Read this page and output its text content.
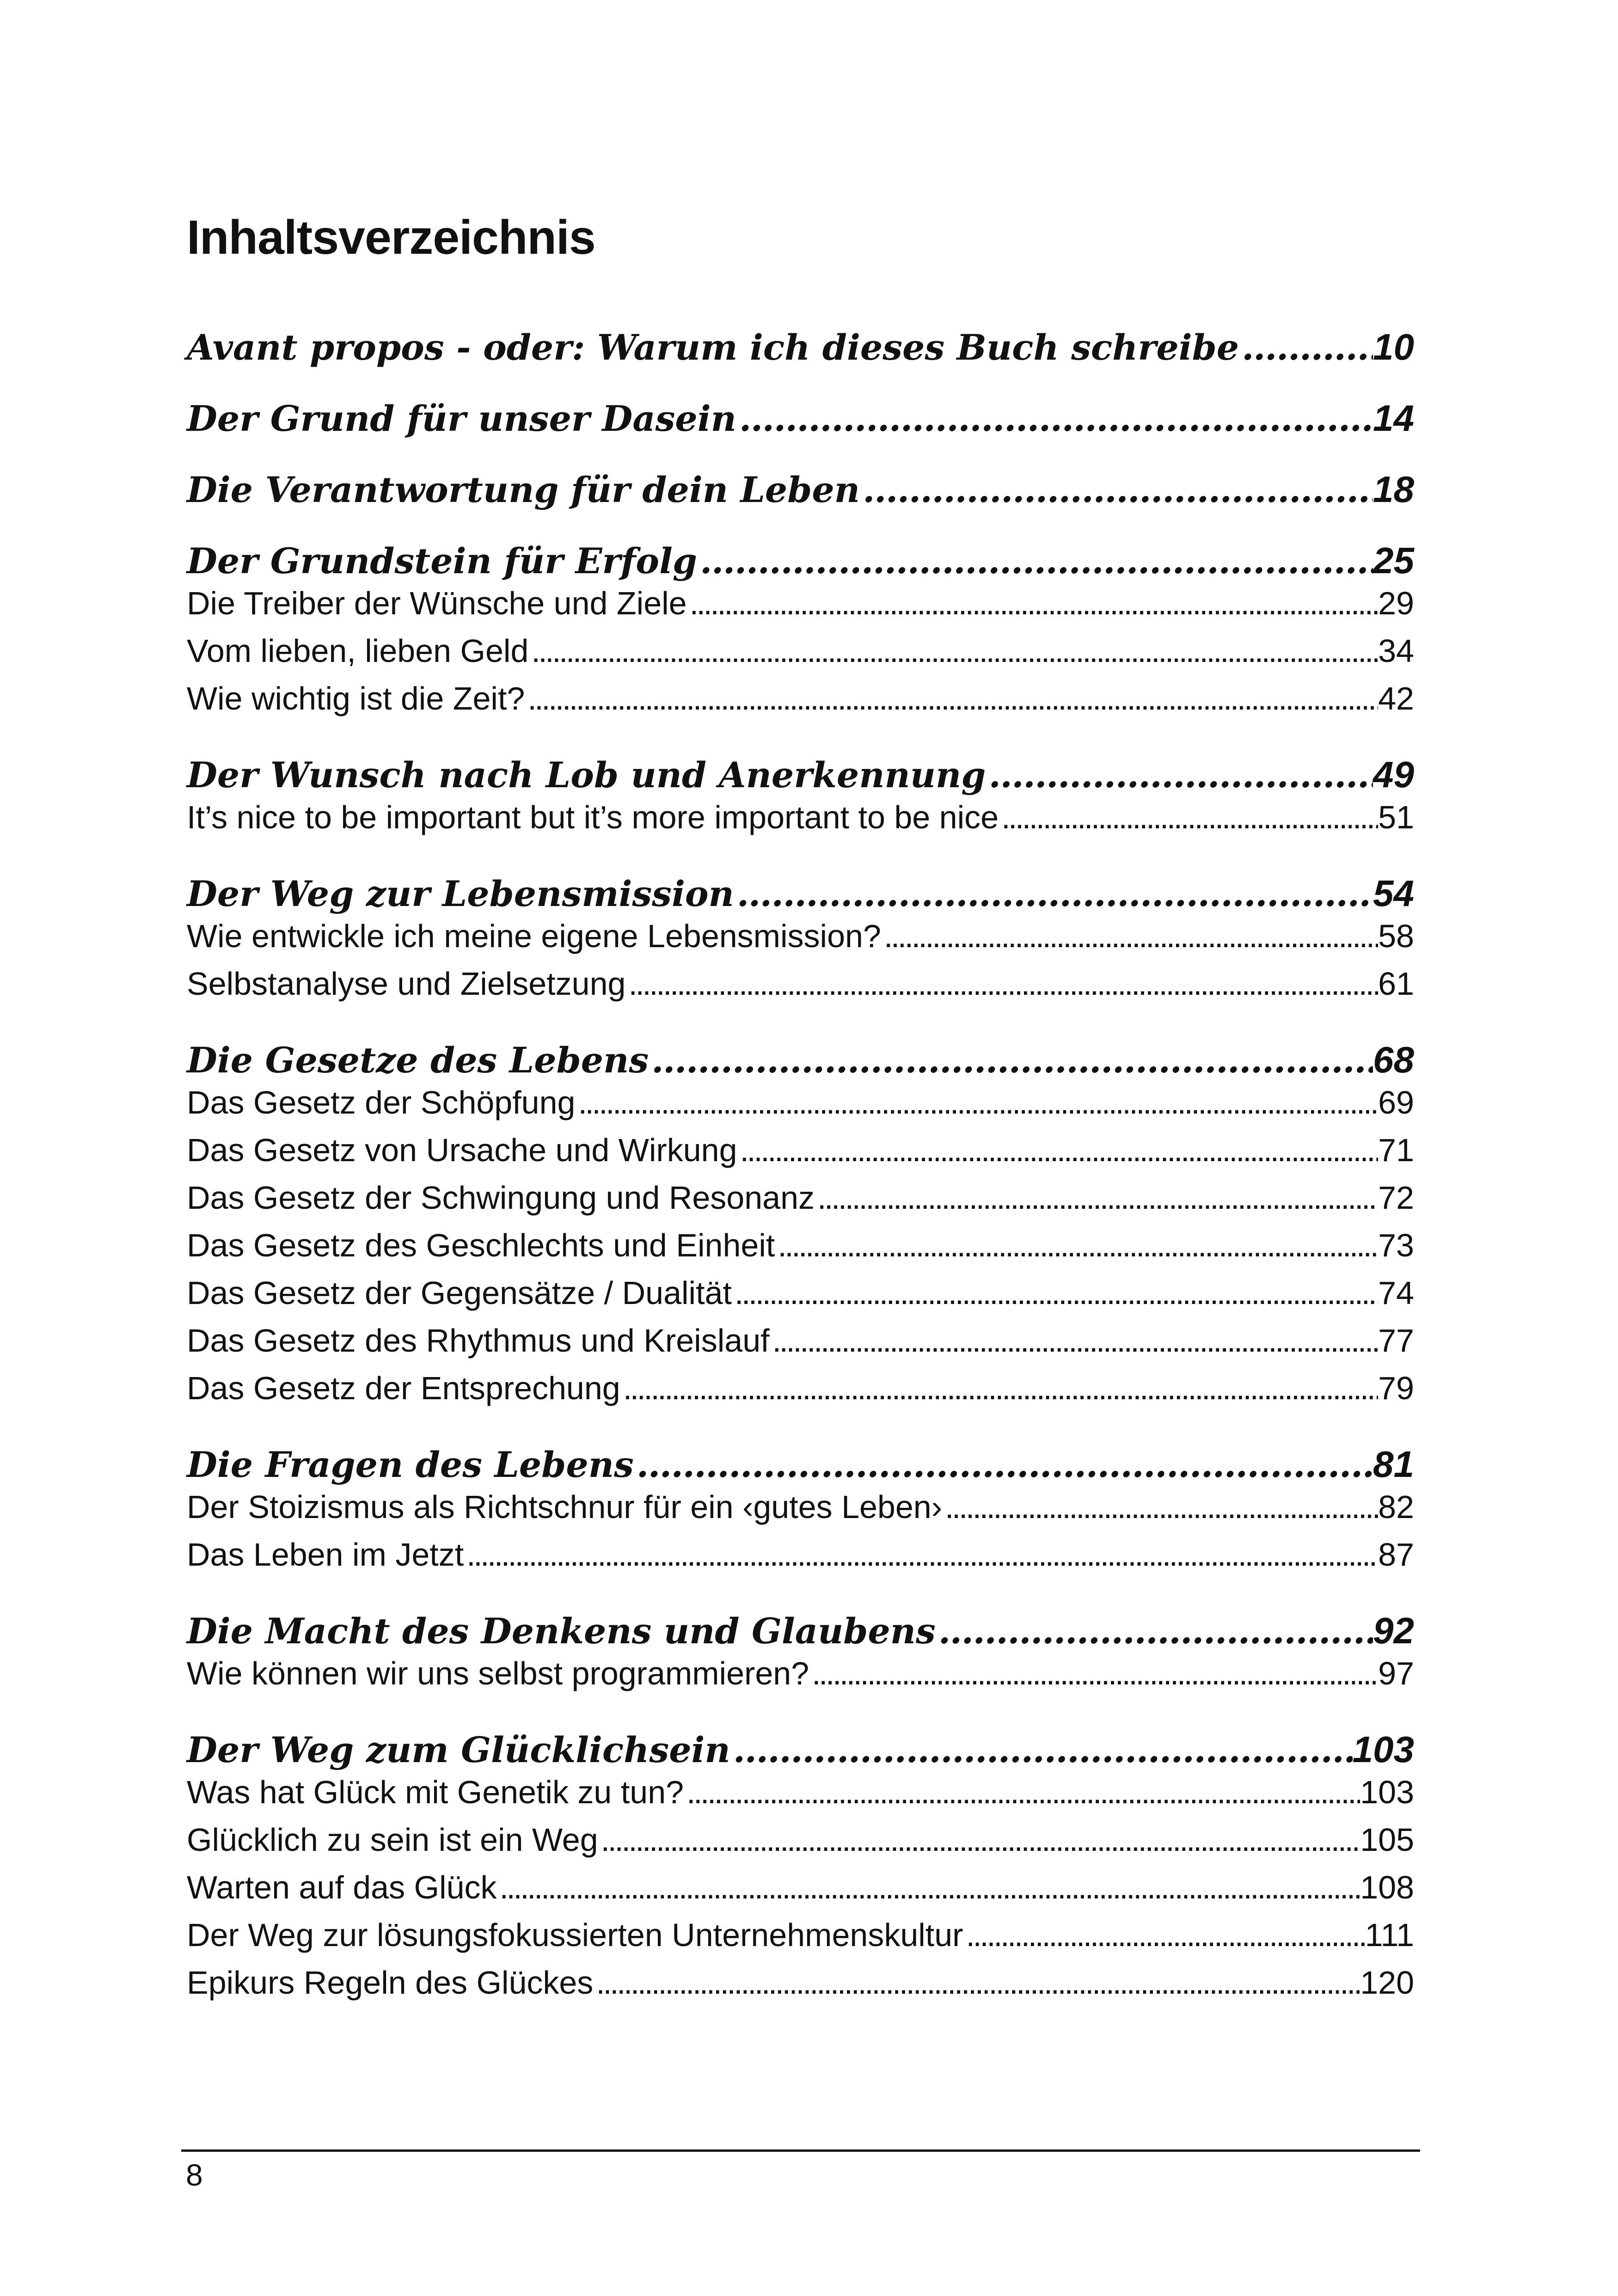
Inhaltsverzeichnis
Avant propos - oder: Warum ich dieses Buch schreibe . . .	10
Der Grund für unser Dasein . . .	14
Die Verantwortung für dein Leben . . .	18
Der Grundstein für Erfolg . . .	25
Die Treiber der Wünsche und Ziele . . .	29
Vom lieben, lieben Geld . . .	34
Wie wichtig ist die Zeit? . . .	42
Der Wunsch nach Lob und Anerkennung . . .	49
It’s nice to be important but it’s more important to be nice . . .	51
Der Weg zur Lebensmission . . .	54
Wie entwickle ich meine eigene Lebensmission? . . .	58
Selbstanalyse und Zielsetzung . . .	61
Die Gesetze des Lebens . . .	68
Das Gesetz der Schöpfung . . .	69
Das Gesetz von Ursache und Wirkung . . .	71
Das Gesetz der Schwingung und Resonanz . . .	72
Das Gesetz des Geschlechts und Einheit . . .	73
Das Gesetz der Gegensätze / Dualität . . .	74
Das Gesetz des Rhythmus und Kreislauf . . .	77
Das Gesetz der Entsprechung . . .	79
Die Fragen des Lebens . . .	81
Der Stoizismus als Richtschnur für ein ‹gutes Leben› . . .	82
Das Leben im Jetzt . . .	87
Die Macht des Denkens und Glaubens . . .	92
Wie können wir uns selbst programmieren? . . .	97
Der Weg zum Glücklichsein . . .	103
Was hat Glück mit Genetik zu tun? . . .	103
Glücklich zu sein ist ein Weg . . .	105
Warten auf das Glück . . .	108
Der Weg zur lösungsfokussierten Unternehmenskultur . . .	111
Epikurs Regeln des Glückes . . .	120
8
